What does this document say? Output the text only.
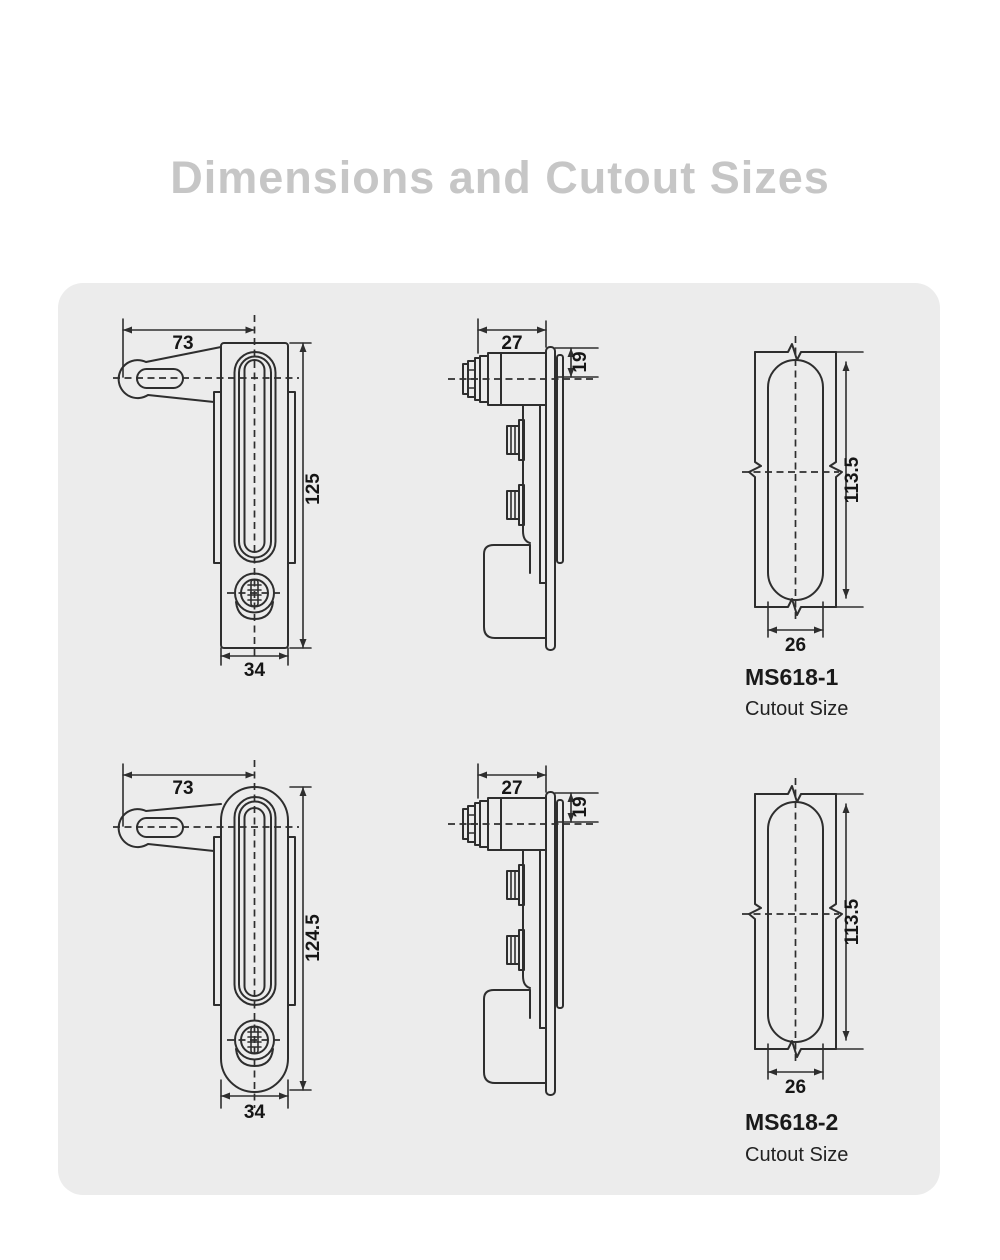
Dimensions and Cutout Sizes
73
125
34
27
19
113.5
26
MS618-1
Cutout Size
73
124.5
34
27
19
113.5
26
MS618-2
Cutout Size
